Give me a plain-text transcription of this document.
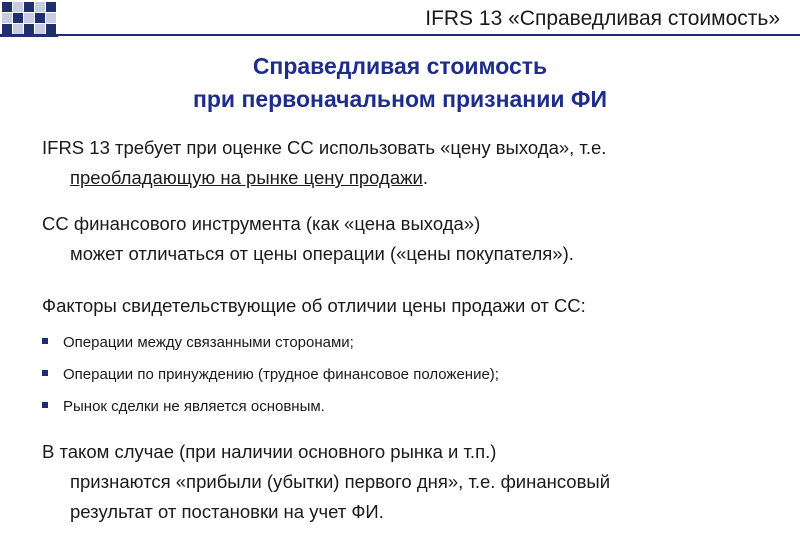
IFRS 13 «Справедливая стоимость»
Справедливая стоимость
при первоначальном признании ФИ
IFRS 13 требует при оценке СС использовать «цену выхода», т.е.
преобладающую на рынке цену продажи.
СС финансового инструмента (как «цена выхода»)
может отличаться от цены операции («цены покупателя»).
Факторы свидетельствующие об отличии цены продажи от СС:
Операции между связанными сторонами;
Операции по принуждению (трудное финансовое положение);
Рынок сделки не является основным.
В таком случае (при наличии основного рынка и т.п.)
признаются «прибыли (убытки) первого дня», т.е. финансовый
результат от постановки на учет ФИ.
